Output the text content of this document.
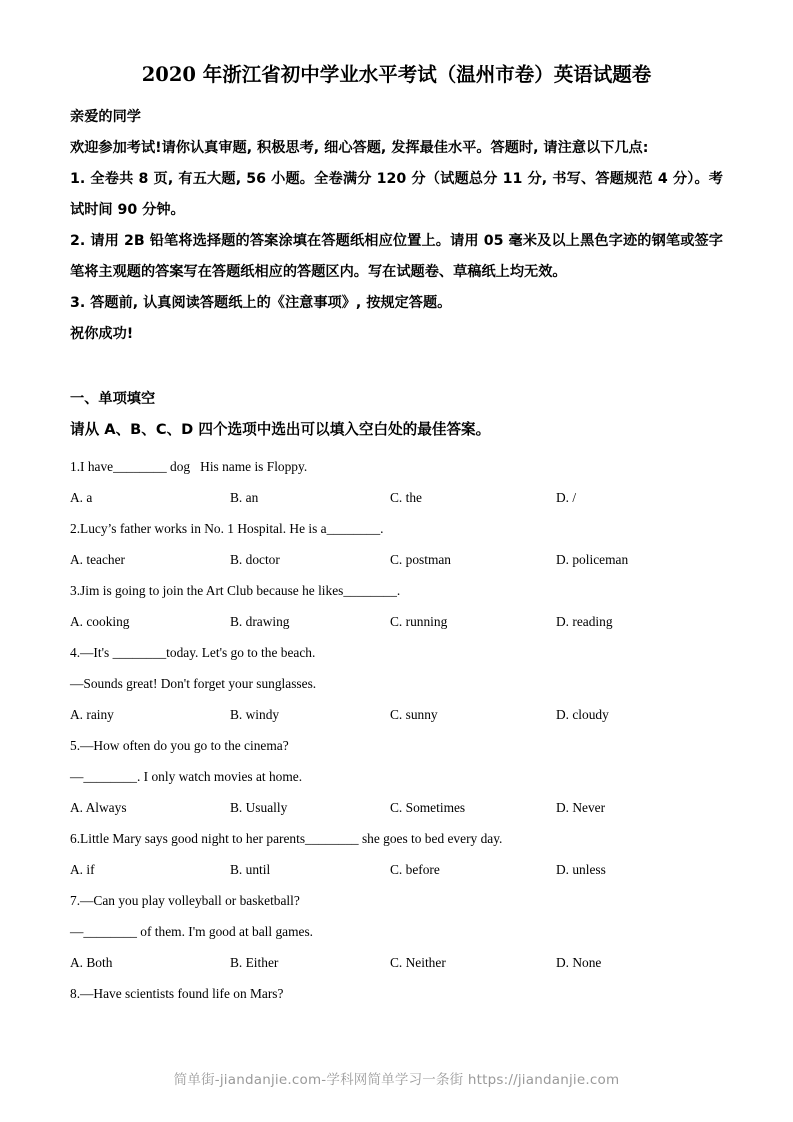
2020 年浙江省初中学业水平考试（温州市卷）英语试题卷

亲爱的同学

欢迎参加考试!请你认真审题, 积极思考, 细心答题, 发挥最佳水平。答题时, 请注意以下几点:

1. 全卷共 8 页, 有五大题, 56 小题。全卷满分 120 分（试题总分 11 分, 书写、答题规范 4 分）。考试时间 90 分钟。

2. 请用 2B 铅笔将选择题的答案涂填在答题纸相应位置上。请用 05 毫米及以上黑色字迹的钢笔或签字笔将主观题的答案写在答题纸相应的答题区内。写在试题卷、草稿纸上均无效。

3. 答题前, 认真阅读答题纸上的《注意事项》, 按规定答题。

祝你成功!

一、单项填空

请从 A、B、C、D 四个选项中选出可以填入空白处的最佳答案。

1.I have________ dog   His name is Floppy.

A. a	B. an	C. the	D. /

2.Lucy’s father works in No. 1 Hospital. He is a________.

A. teacher	B. doctor	C. postman	D. policeman

3.Jim is going to join the Art Club because he likes________.

A. cooking	B. drawing	C. running	D. reading

4.—It's ________today. Let's go to the beach.

—Sounds great! Don't forget your sunglasses.

A. rainy	B. windy	C. sunny	D. cloudy

5.—How often do you go to the cinema?

—________. I only watch movies at home.

A. Always	B. Usually	C. Sometimes	D. Never

6.Little Mary says good night to her parents________ she goes to bed every day.

A. if	B. until	C. before	D. unless

7.—Can you play volleyball or basketball?

—________ of them. I'm good at ball games.

A. Both	B. Either	C. Neither	D. None

8.—Have scientists found life on Mars?

简单街-jiandanjie.com-学科网简单学习一条街 https://jiandanjie.com
